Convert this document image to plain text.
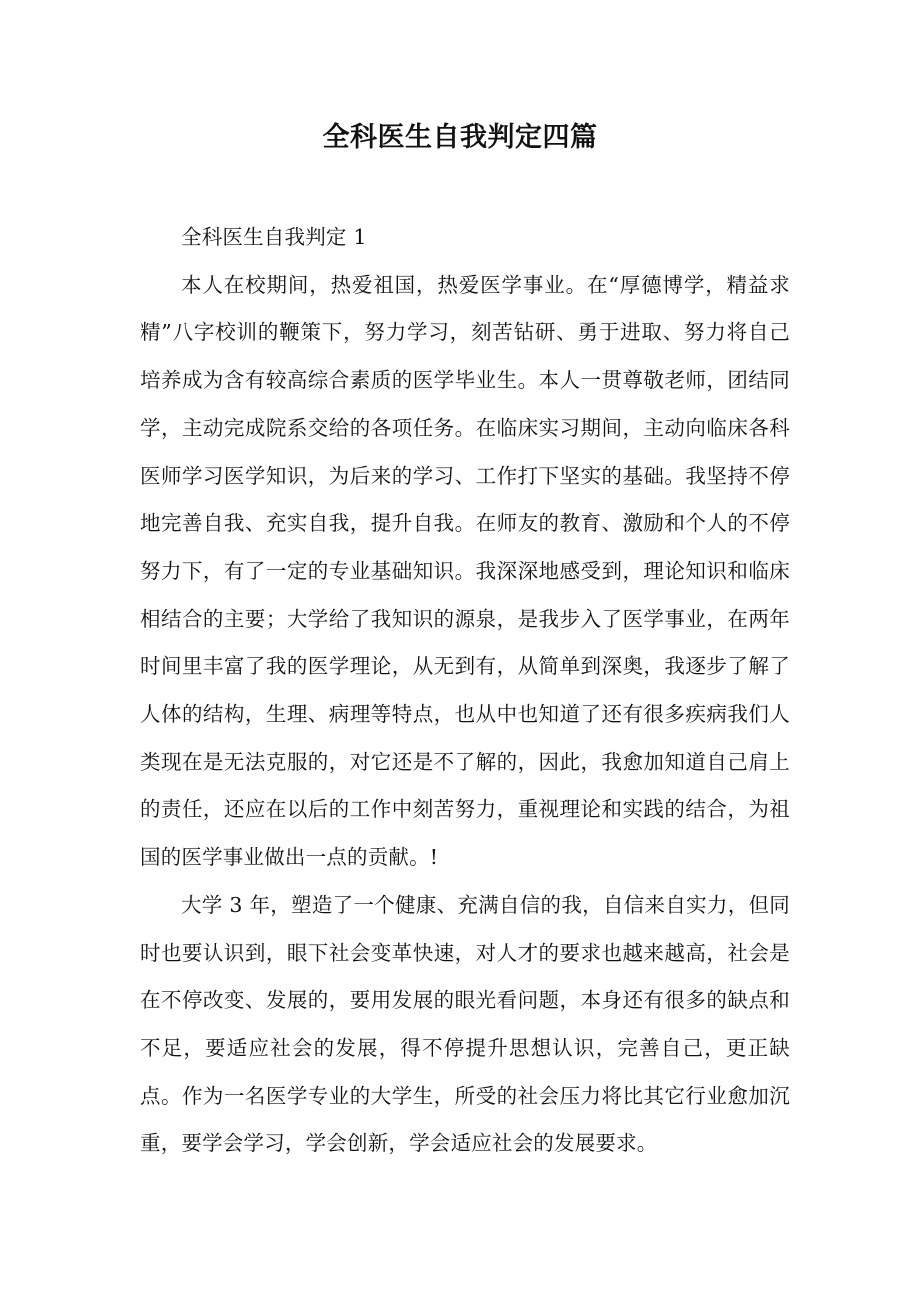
全科医生自我判定四篇

全科医生自我判定 1

本人在校期间，热爱祖国，热爱医学事业。在“厚德博学，精益求精”八字校训的鞭策下，努力学习，刻苦钻研、勇于进取、努力将自己培养成为含有较高综合素质的医学毕业生。本人一贯尊敬老师，团结同学，主动完成院系交给的各项任务。在临床实习期间，主动向临床各科医师学习医学知识，为后来的学习、工作打下坚实的基础。我坚持不停地完善自我、充实自我，提升自我。在师友的教育、激励和个人的不停努力下，有了一定的专业基础知识。我深深地感受到，理论知识和临床相结合的主要；大学给了我知识的源泉，是我步入了医学事业，在两年时间里丰富了我的医学理论，从无到有，从简单到深奥，我逐步了解了人体的结构，生理、病理等特点，也从中也知道了还有很多疾病我们人类现在是无法克服的，对它还是不了解的，因此，我愈加知道自己肩上的责任，还应在以后的工作中刻苦努力，重视理论和实践的结合，为祖国的医学事业做出一点的贡献。!

大学 3 年，塑造了一个健康、充满自信的我，自信来自实力，但同时也要认识到，眼下社会变革快速，对人才的要求也越来越高，社会是在不停改变、发展的，要用发展的眼光看问题，本身还有很多的缺点和不足，要适应社会的发展，得不停提升思想认识，完善自己，更正缺点。作为一名医学专业的大学生，所受的社会压力将比其它行业愈加沉重，要学会学习，学会创新，学会适应社会的发展要求。
